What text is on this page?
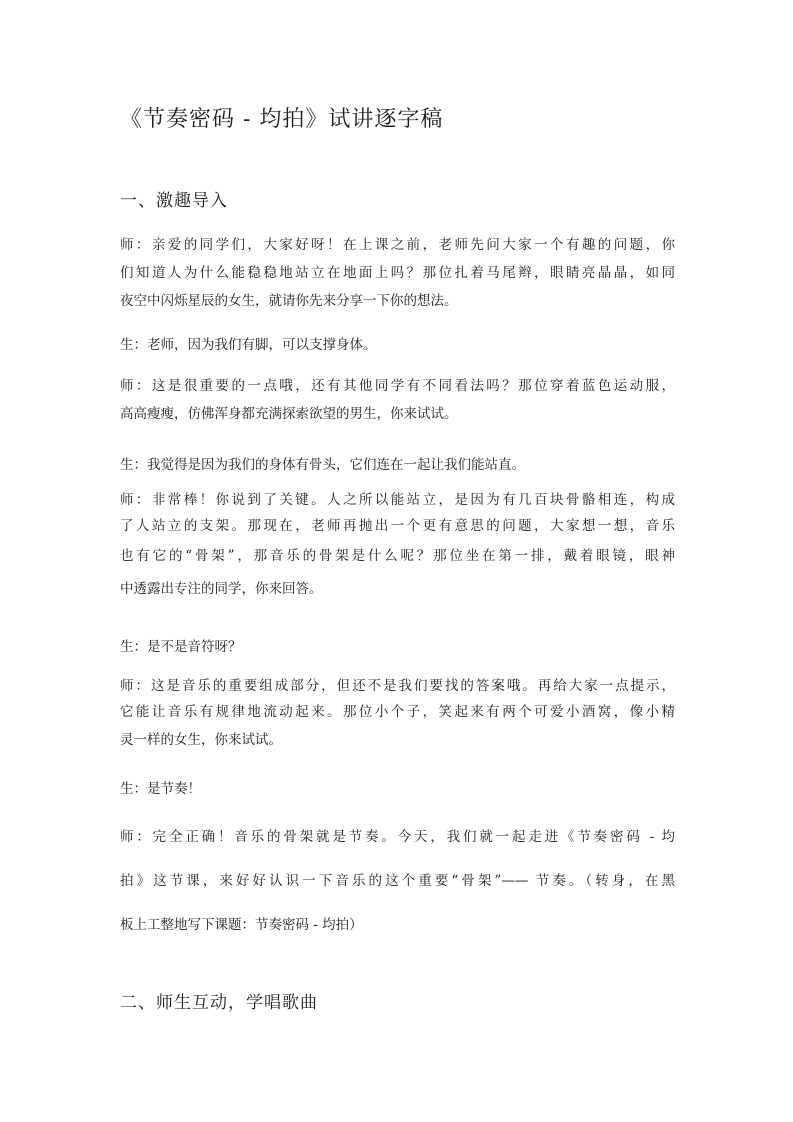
《节奏密码 - 均拍》试讲逐字稿
一、激趣导入
师：亲爱的同学们，大家好呀！在上课之前，老师先问大家一个有趣的问题，你
们知道人为什么能稳稳地站立在地面上吗？那位扎着马尾辫，眼睛亮晶晶，如同
夜空中闪烁星辰的女生，就请你先来分享一下你的想法。
生：老师，因为我们有脚，可以支撑身体。
师：这是很重要的一点哦，还有其他同学有不同看法吗？那位穿着蓝色运动服，
高高瘦瘦，仿佛浑身都充满探索欲望的男生，你来试试。
生：我觉得是因为我们的身体有骨头，它们连在一起让我们能站直。
师：非常棒！你说到了关键。人之所以能站立，是因为有几百块骨骼相连，构成
了人站立的支架。那现在，老师再抛出一个更有意思的问题，大家想一想，音乐
也有它的“骨架”，那音乐的骨架是什么呢？那位坐在第一排，戴着眼镜，眼神
中透露出专注的同学，你来回答。
生：是不是音符呀？
师：这是音乐的重要组成部分，但还不是我们要找的答案哦。再给大家一点提示，
它能让音乐有规律地流动起来。那位小个子，笑起来有两个可爱小酒窝，像小精
灵一样的女生，你来试试。
生：是节奏！
师：完全正确！音乐的骨架就是节奏。今天，我们就一起走进《节奏密码 - 均
拍》这节课，来好好认识一下音乐的这个重要“骨架”—— 节奏。（转身，在黑
板上工整地写下课题：节奏密码 - 均拍）
二、师生互动，学唱歌曲
